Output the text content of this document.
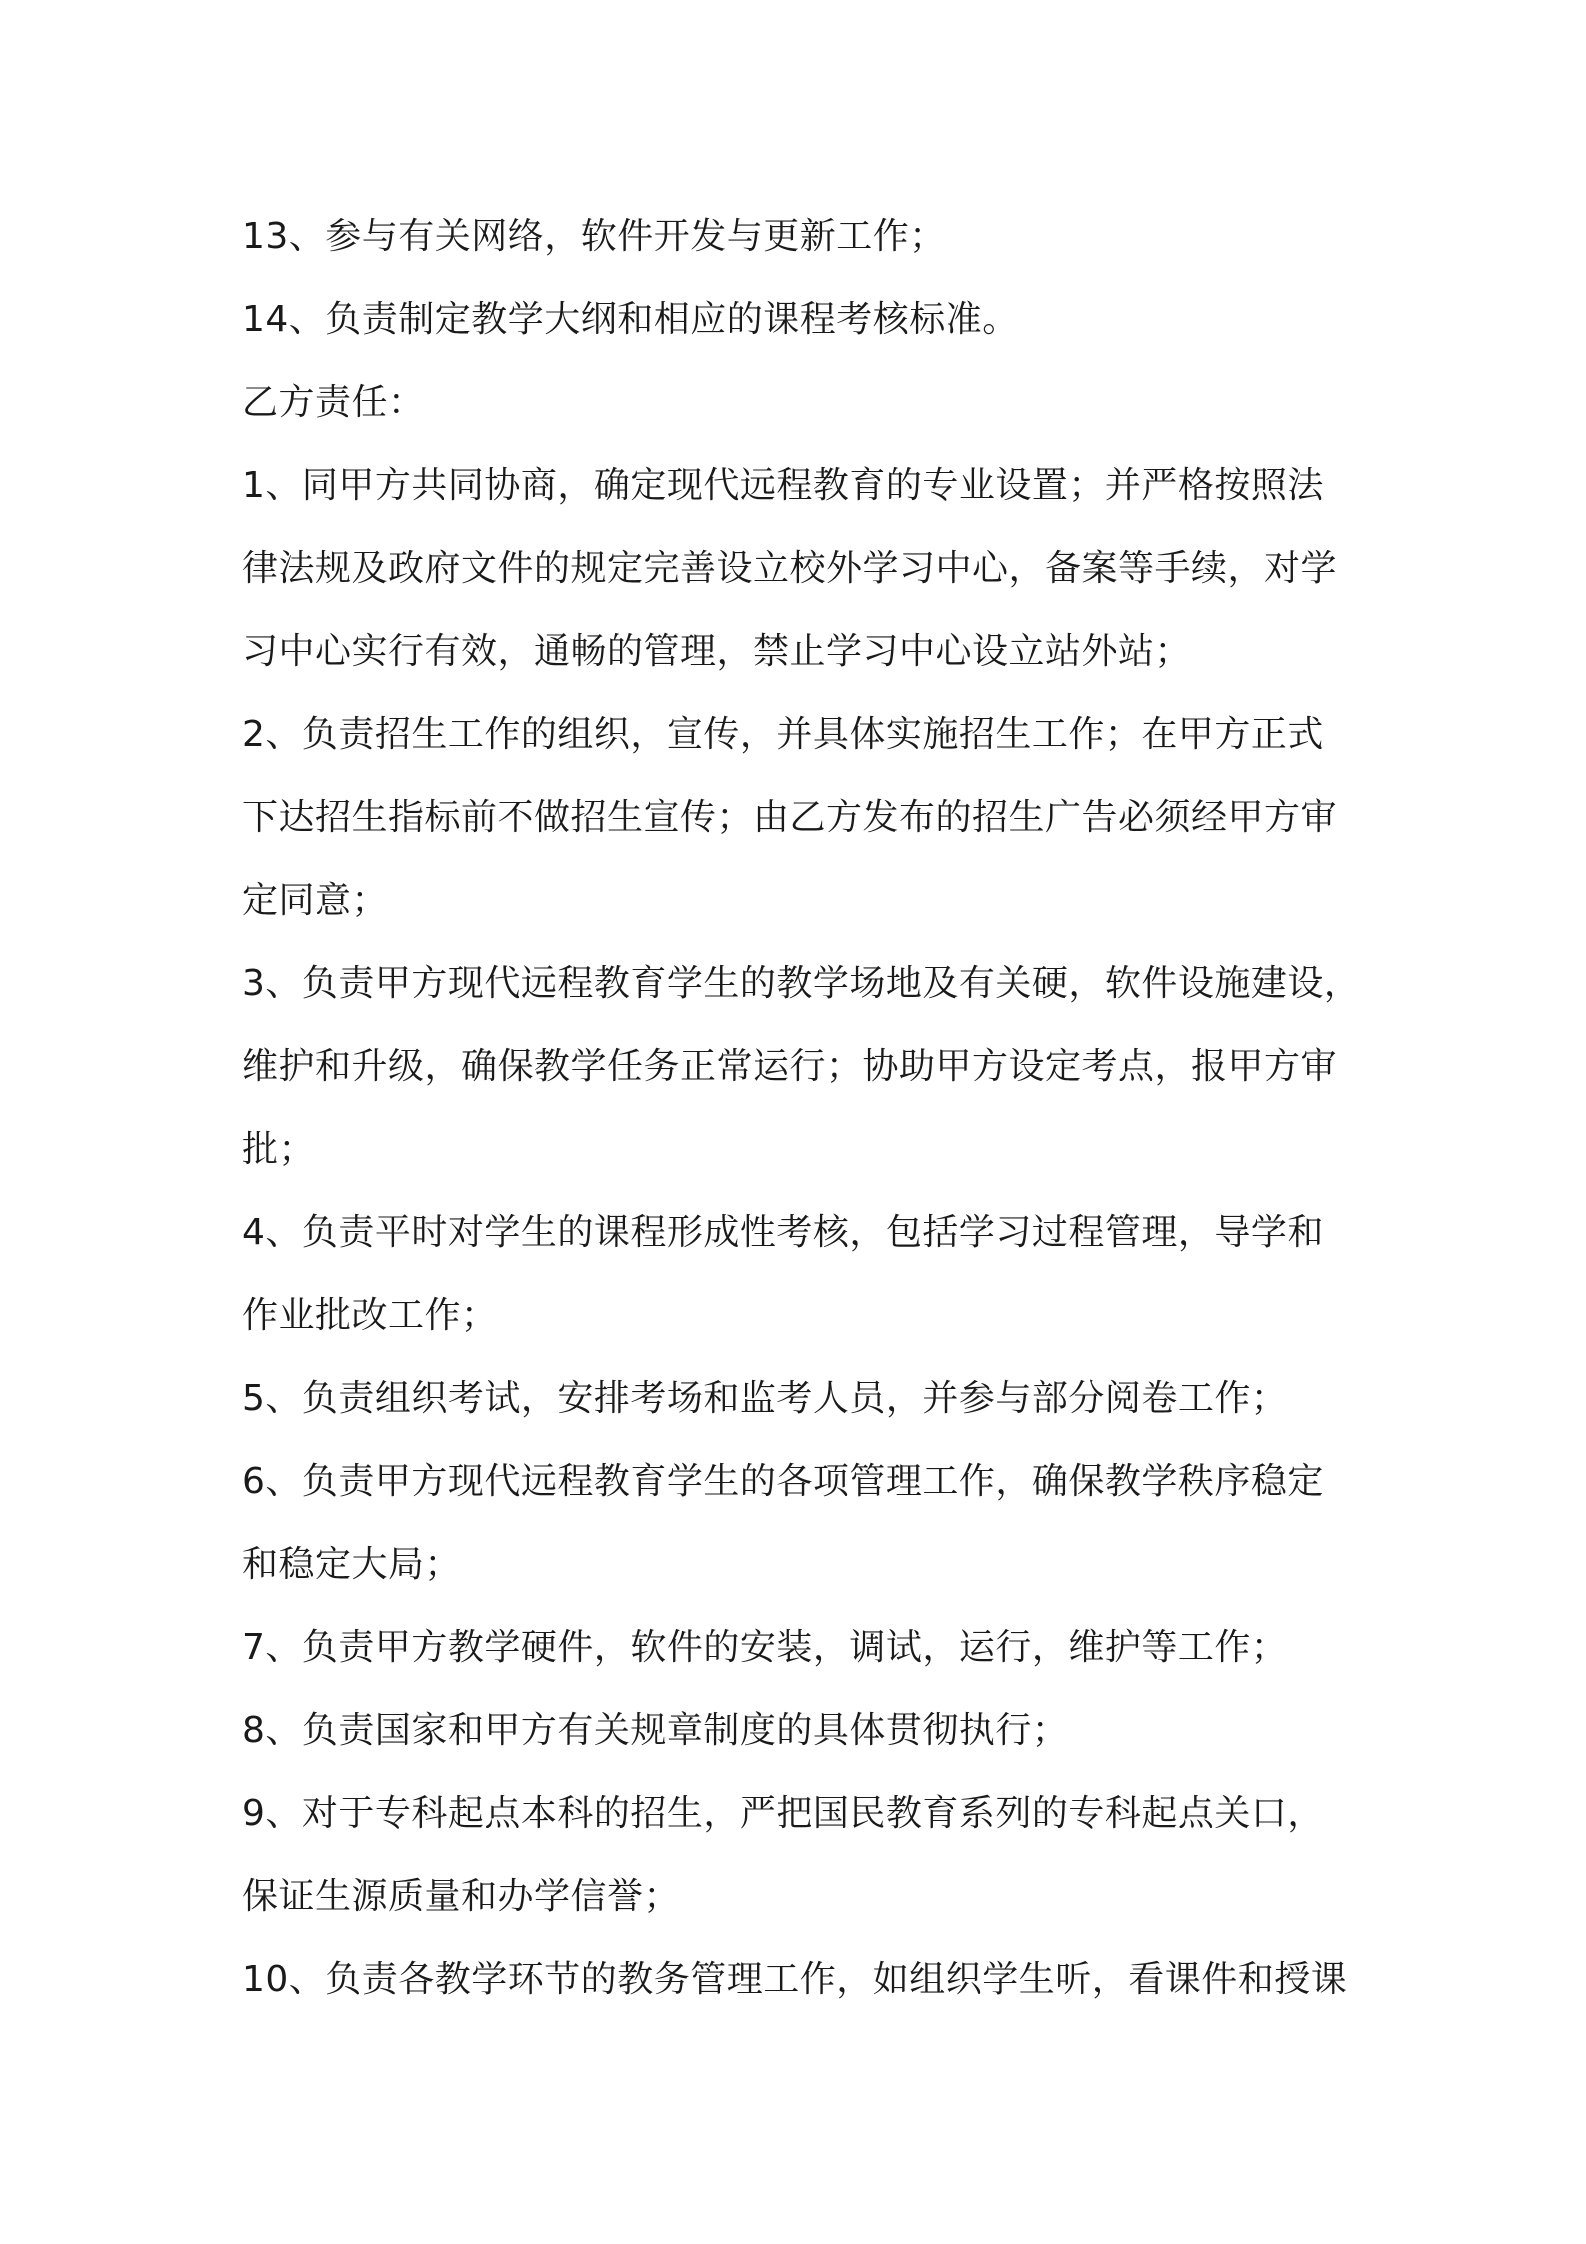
13、参与有关网络，软件开发与更新工作；
14、负责制定教学大纲和相应的课程考核标准。
乙方责任：
1、同甲方共同协商，确定现代远程教育的专业设置；并严格按照法
律法规及政府文件的规定完善设立校外学习中心，备案等手续，对学
习中心实行有效，通畅的管理，禁止学习中心设立站外站；
2、负责招生工作的组织，宣传，并具体实施招生工作；在甲方正式
下达招生指标前不做招生宣传；由乙方发布的招生广告必须经甲方审
定同意；
3、负责甲方现代远程教育学生的教学场地及有关硬，软件设施建设，
维护和升级，确保教学任务正常运行；协助甲方设定考点，报甲方审
批；
4、负责平时对学生的课程形成性考核，包括学习过程管理，导学和
作业批改工作；
5、负责组织考试，安排考场和监考人员，并参与部分阅卷工作；
6、负责甲方现代远程教育学生的各项管理工作，确保教学秩序稳定
和稳定大局；
7、负责甲方教学硬件，软件的安装，调试，运行，维护等工作；
8、负责国家和甲方有关规章制度的具体贯彻执行；
9、对于专科起点本科的招生，严把国民教育系列的专科起点关口，
保证生源质量和办学信誉；
10、负责各教学环节的教务管理工作，如组织学生听，看课件和授课
